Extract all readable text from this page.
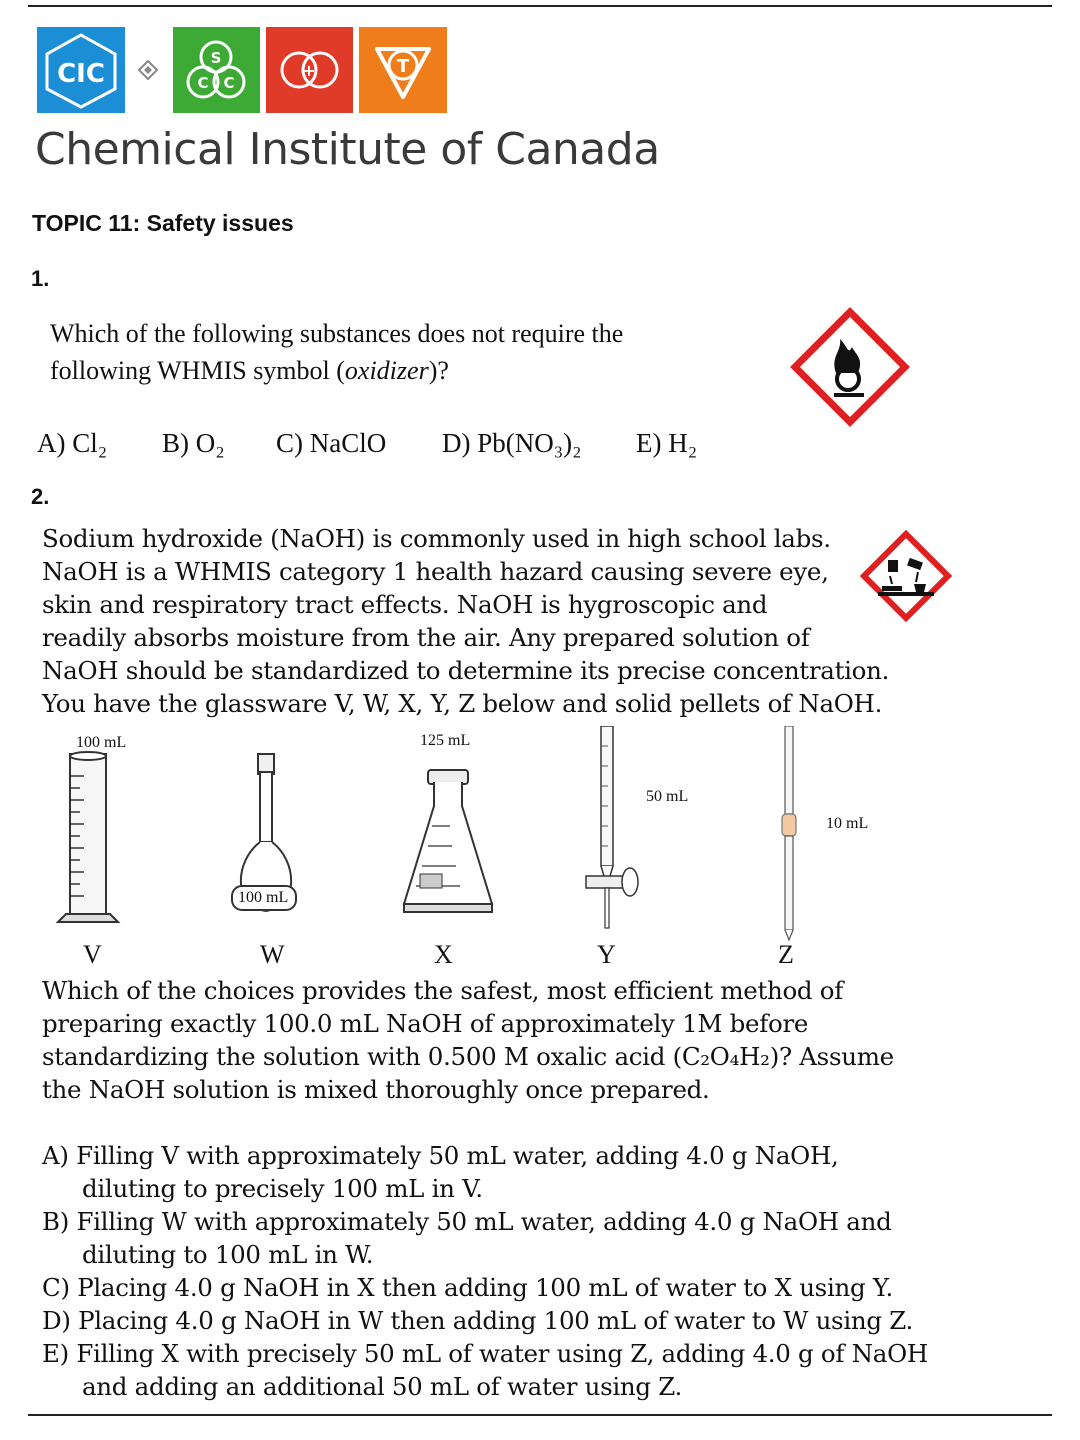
CIC
S
C C
+	T
Chemical Institute of Canada
TOPIC 11: Safety issues
1.
Which of the following substances does not require the
following WHMIS symbol (oxidizer)?
A) Cl₂ B) O₂ C) NaClO D) Pb(NO₃)₂ E) H₂
2.
Sodium hydroxide (NaOH) is commonly used in high school labs.
NaOH is a WHMIS category 1 health hazard causing severe eye,
skin and respiratory tract effects. NaOH is hygroscopic and
readily absorbs moisture from the air. Any prepared solution of
NaOH should be standardized to determine its precise concentration.
You have the glassware V, W, X, Y, Z below and solid pellets of NaOH.
100 mL
100 mL
125 mL
50 mL
10 mL
V	W	X	Y	Z
Which of the choices provides the safest, most efficient method of
preparing exactly 100.0 mL NaOH of approximately 1M before
standardizing the solution with 0.500 M oxalic acid (C₂O₄H₂)? Assume
the NaOH solution is mixed thoroughly once prepared.
A) Filling V with approximately 50 mL water, adding 4.0 g NaOH,
diluting to precisely 100 mL in V.
B) Filling W with approximately 50 mL water, adding 4.0 g NaOH and
diluting to 100 mL in W.
C) Placing 4.0 g NaOH in X then adding 100 mL of water to X using Y.
D) Placing 4.0 g NaOH in W then adding 100 mL of water to W using Z.
E) Filling X with precisely 50 mL of water using Z, adding 4.0 g of NaOH
and adding an additional 50 mL of water using Z.
